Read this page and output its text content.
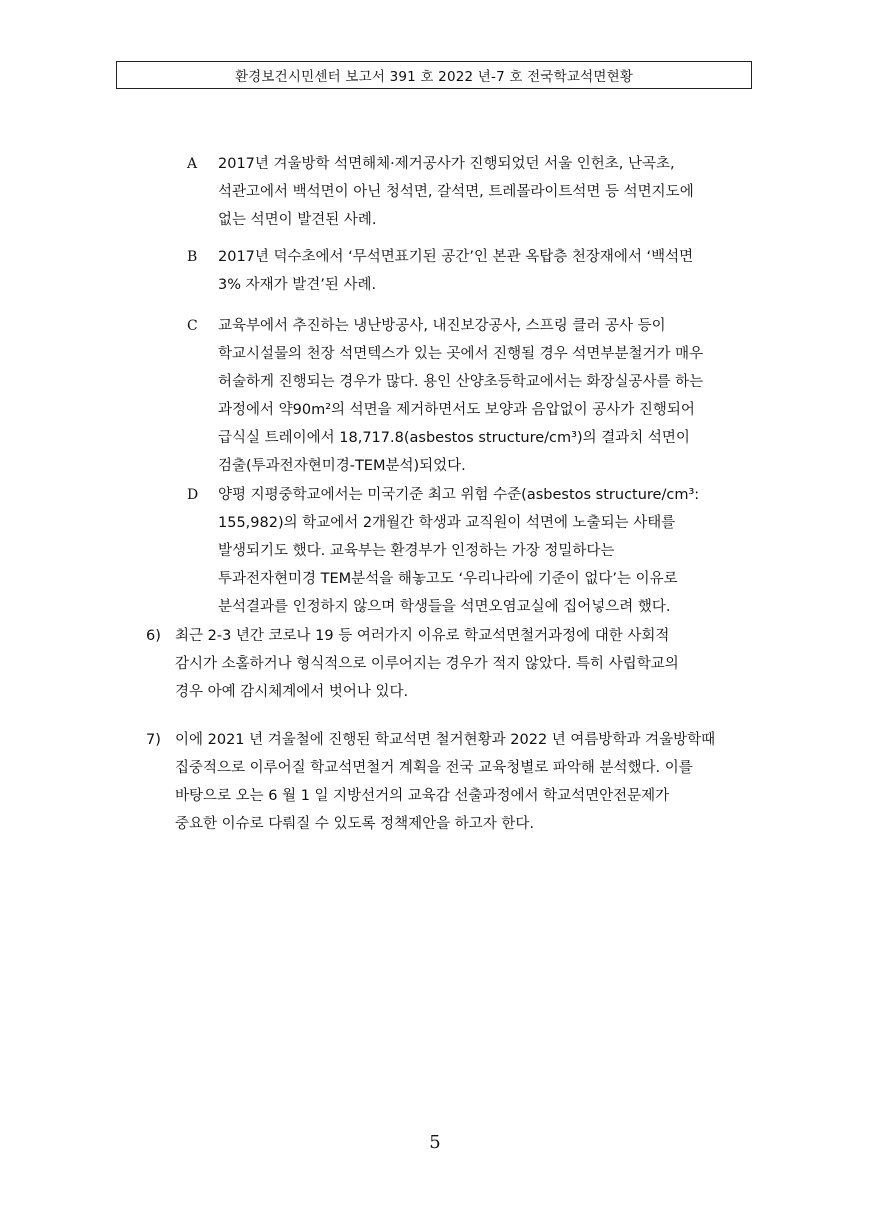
환경보건시민센터 보고서 391 호 2022 년-7 호 전국학교석면현황
A 2017년 겨울방학 석면해체·제거공사가 진행되었던 서울 인헌초, 난곡초,
석관고에서 백석면이 아닌 청석면, 갈석면, 트레몰라이트석면 등 석면지도에
없는 석면이 발견된 사례.
B 2017년 덕수초에서 ‘무석면표기된 공간’인 본관 옥탑층 천장재에서 ‘백석면
3% 자재가 발견’된 사례.
C 교육부에서 추진하는 냉난방공사, 내진보강공사, 스프링 클러 공사 등이
학교시설물의 천장 석면텍스가 있는 곳에서 진행될 경우 석면부분철거가 매우
허술하게 진행되는 경우가 많다. 용인 산양초등학교에서는 화장실공사를 하는
과정에서 약90m²의 석면을 제거하면서도 보양과 음압없이 공사가 진행되어
급식실 트레이에서 18,717.8(asbestos structure/cm³)의 결과치 석면이
검출(투과전자현미경-TEM분석)되었다.
D 양평 지평중학교에서는 미국기준 최고 위험 수준(asbestos structure/cm³:
155,982)의 학교에서 2개월간 학생과 교직원이 석면에 노출되는 사태를
발생되기도 했다. 교육부는 환경부가 인정하는 가장 정밀하다는
투과전자현미경 TEM분석을 해놓고도 ‘우리나라에 기준이 없다’는 이유로
분석결과를 인정하지 않으며 학생들을 석면오염교실에 집어넣으려 했다.
6) 최근 2-3 년간 코로나 19 등 여러가지 이유로 학교석면철거과정에 대한 사회적
감시가 소홀하거나 형식적으로 이루어지는 경우가 적지 않았다. 특히 사립학교의
경우 아예 감시체계에서 벗어나 있다.
7) 이에 2021 년 겨울철에 진행된 학교석면 철거현황과 2022 년 여름방학과 겨울방학때
집중적으로 이루어질 학교석면철거 계획을 전국 교육청별로 파악해 분석했다. 이를
바탕으로 오는 6 월 1 일 지방선거의 교육감 선출과정에서 학교석면안전문제가
중요한 이슈로 다뤄질 수 있도록 정책제안을 하고자 한다.
5
